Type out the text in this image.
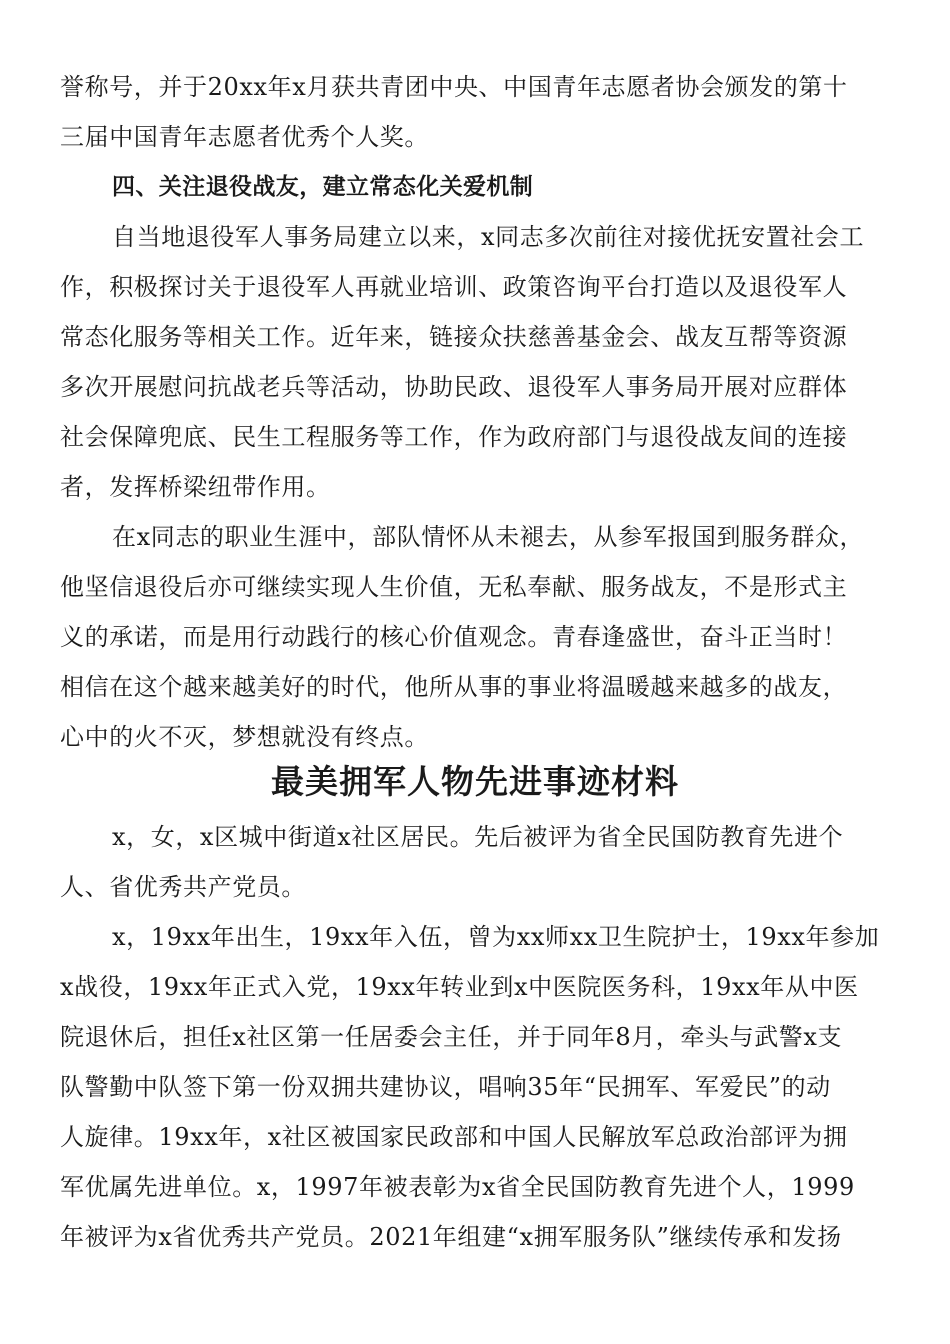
誉称号，并于20xx年x月获共青团中央、中国青年志愿者协会颁发的第十
三届中国青年志愿者优秀个人奖。
四、关注退役战友，建立常态化关爱机制
自当地退役军人事务局建立以来，x同志多次前往对接优抚安置社会工
作，积极探讨关于退役军人再就业培训、政策咨询平台打造以及退役军人
常态化服务等相关工作。近年来，链接众扶慈善基金会、战友互帮等资源
多次开展慰问抗战老兵等活动，协助民政、退役军人事务局开展对应群体
社会保障兜底、民生工程服务等工作，作为政府部门与退役战友间的连接
者，发挥桥梁纽带作用。
在x同志的职业生涯中，部队情怀从未褪去，从参军报国到服务群众，
他坚信退役后亦可继续实现人生价值，无私奉献、服务战友，不是形式主
义的承诺，而是用行动践行的核心价值观念。青春逢盛世，奋斗正当时！
相信在这个越来越美好的时代，他所从事的事业将温暖越来越多的战友，
心中的火不灭，梦想就没有终点。
最美拥军人物先进事迹材料
x，女，x区城中街道x社区居民。先后被评为省全民国防教育先进个
人、省优秀共产党员。
x，19xx年出生，19xx年入伍，曾为xx师xx卫生院护士，19xx年参加
x战役，19xx年正式入党，19xx年转业到x中医院医务科，19xx年从中医
院退休后，担任x社区第一任居委会主任，并于同年8月，牵头与武警x支
队警勤中队签下第一份双拥共建协议，唱响35年“民拥军、军爱民”的动
人旋律。19xx年，x社区被国家民政部和中国人民解放军总政治部评为拥
军优属先进单位。x，1997年被表彰为x省全民国防教育先进个人，1999
年被评为x省优秀共产党员。2021年组建“x拥军服务队”继续传承和发扬
